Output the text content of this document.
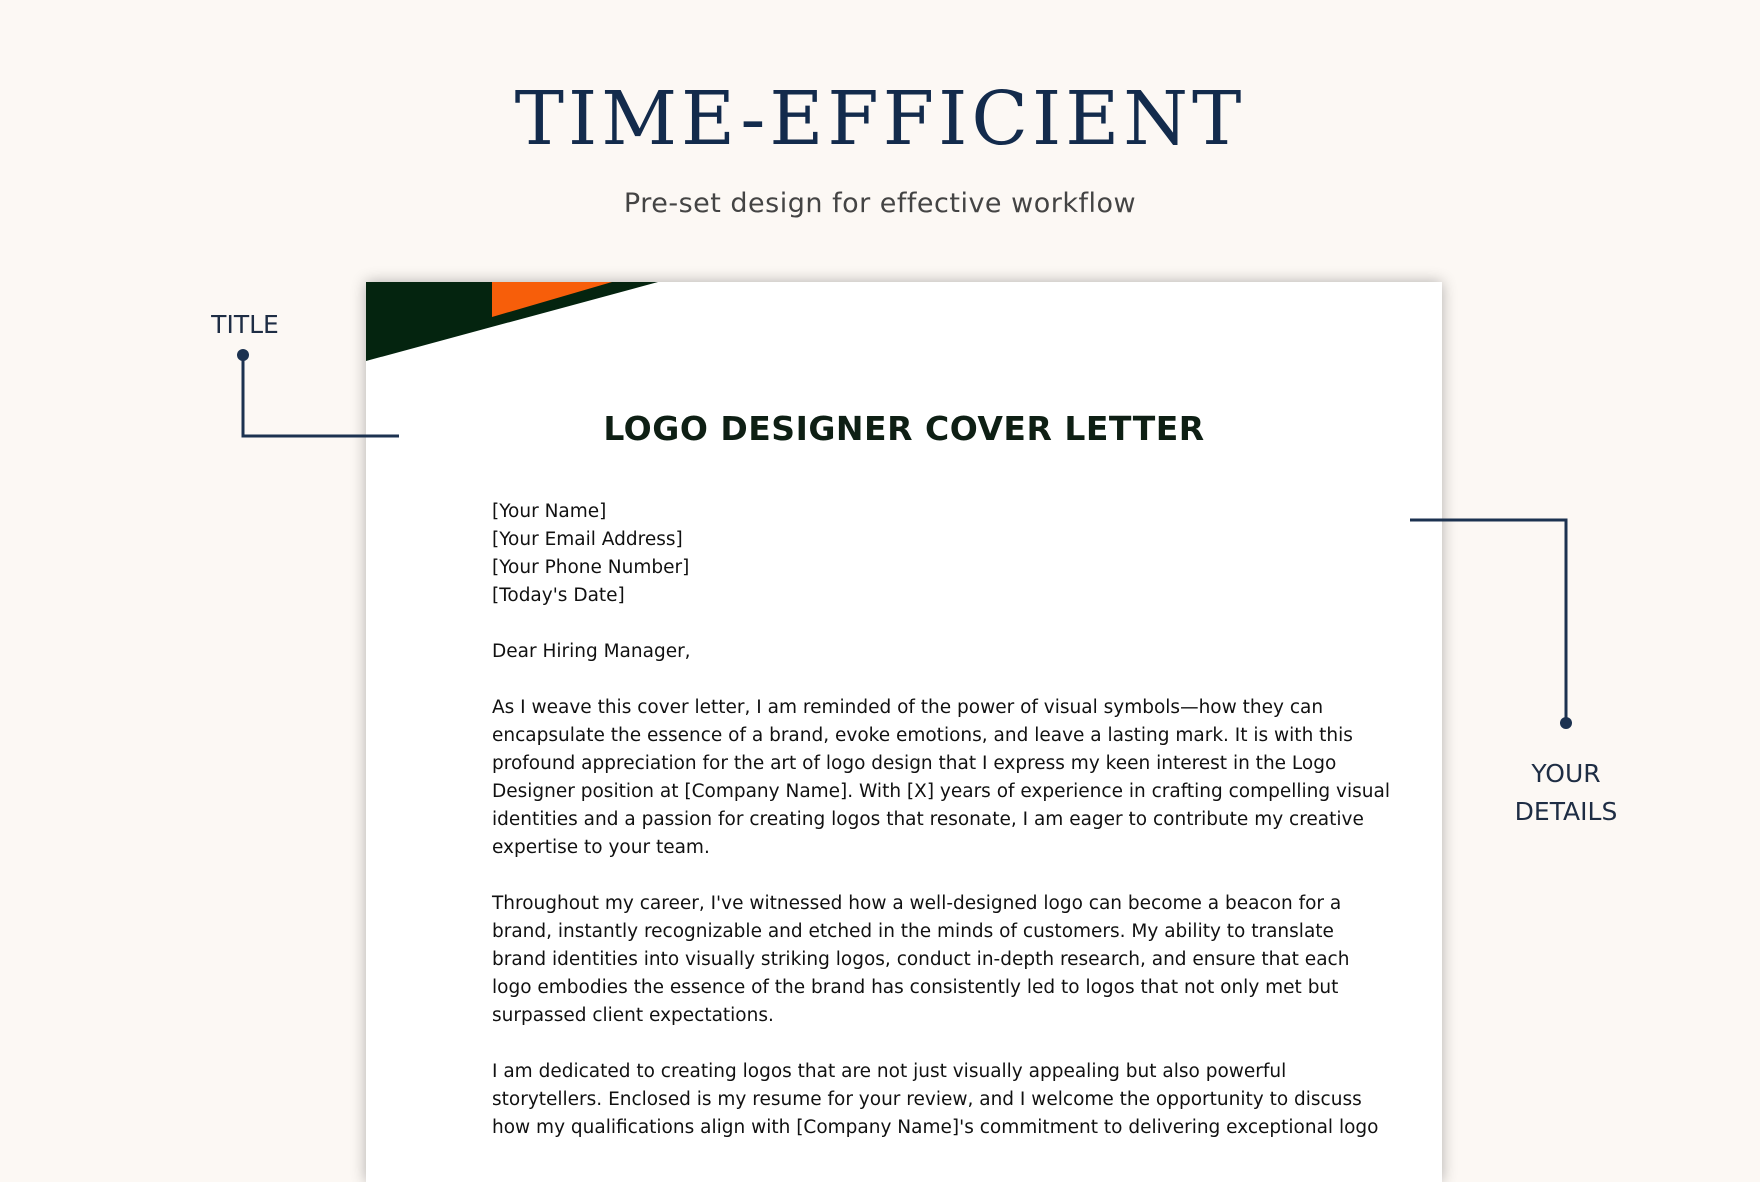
TIME-EFFICIENT
Pre-set design for effective workflow
TITLE
YOUR
DETAILS
LOGO DESIGNER COVER LETTER
[Your Name]
[Your Email Address]
[Your Phone Number]
[Today's Date]
Dear Hiring Manager,
As I weave this cover letter, I am reminded of the power of visual symbols—how they can
encapsulate the essence of a brand, evoke emotions, and leave a lasting mark. It is with this
profound appreciation for the art of logo design that I express my keen interest in the Logo
Designer position at [Company Name]. With [X] years of experience in crafting compelling visual
identities and a passion for creating logos that resonate, I am eager to contribute my creative
expertise to your team.
Throughout my career, I've witnessed how a well-designed logo can become a beacon for a
brand, instantly recognizable and etched in the minds of customers. My ability to translate
brand identities into visually striking logos, conduct in-depth research, and ensure that each
logo embodies the essence of the brand has consistently led to logos that not only met but
surpassed client expectations.
I am dedicated to creating logos that are not just visually appealing but also powerful
storytellers. Enclosed is my resume for your review, and I welcome the opportunity to discuss
how my qualifications align with [Company Name]'s commitment to delivering exceptional logo
